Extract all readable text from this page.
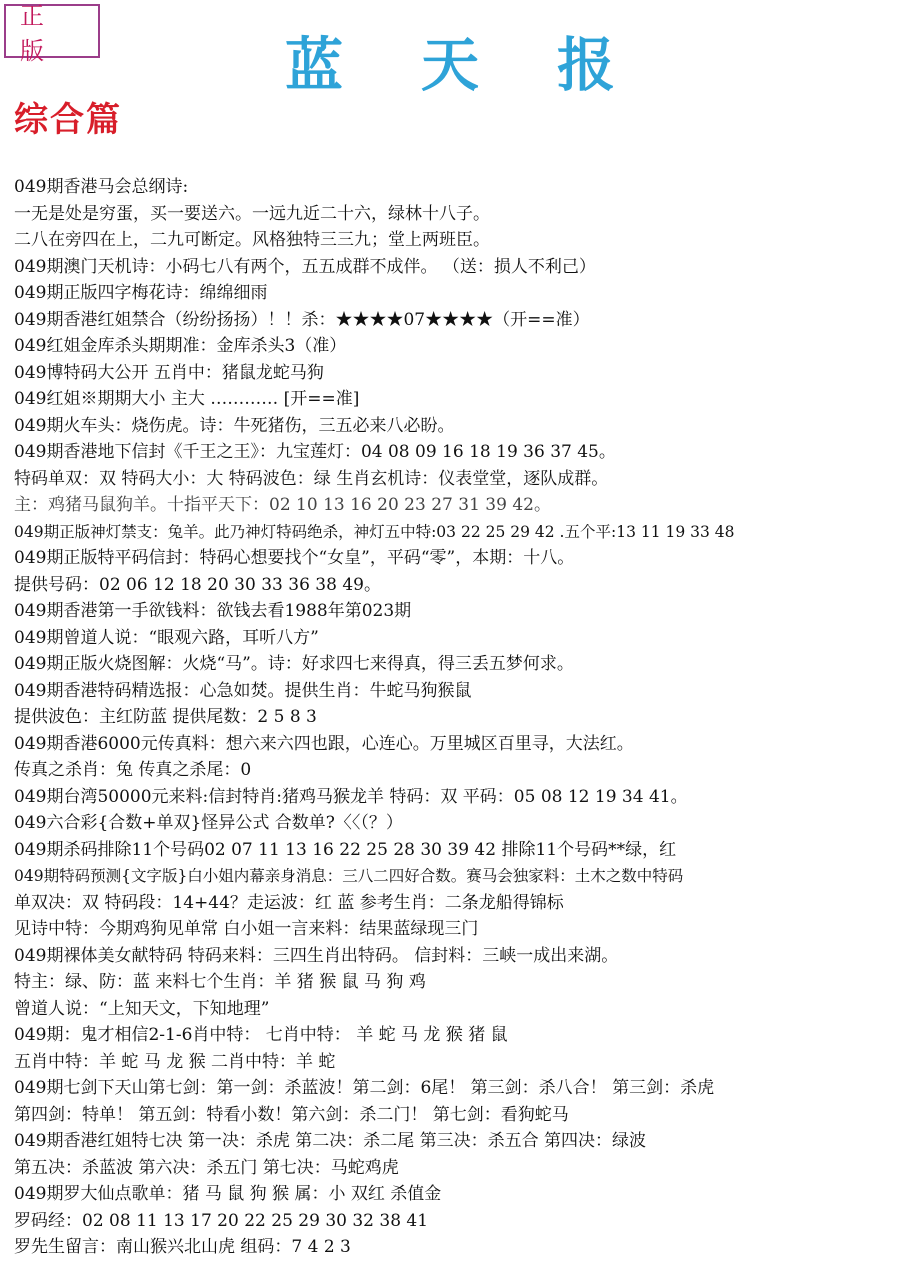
正 版	蓝天报
综合篇
049期香港马会总纲诗:
一无是处是穷蛋，买一要送六。一远九近二十六，绿林十八子。
二八在旁四在上，二九可断定。风格独特三三九；堂上两班臣。
049期澳门天机诗：小码七八有两个，五五成群不成伴。 （送：损人不利己）
049期正版四字梅花诗：绵绵细雨
049期香港红姐禁合（纷纷扬扬）！！杀：★★★★07★★★★（开==准）
049红姐金库杀头期期准：金库杀头3（准）
049博特码大公开 五肖中：猪鼠龙蛇马狗
049红姐※期期大小 主大 ………… [开==准]
049期火车头：烧伤虎。诗：牛死猪伤，三五必来八必盼。
049期香港地下信封《千王之王》：九宝莲灯：04 08 09 16 18 19 36 37 45。
特码单双：双 特码大小：大 特码波色：绿 生肖玄机诗：仪表堂堂，逐队成群。
主：鸡猪马鼠狗羊。十指平天下：02 10 13 16 20 23 27 31 39 42。
049期正版神灯禁支：兔羊。此乃神灯特码绝杀，神灯五中特:03 22 25 29 42 .五个平:13 11 19 33 48
049期正版特平码信封：特码心想要找个“女皇”，平码“零”，本期：十八。
提供号码：02 06 12 18 20 30 33 36 38 49。
049期香港第一手欲钱料：欲钱去看1988年第023期
049期曾道人说：“眼观六路，耳听八方”
049期正版火烧图解：火烧“马”。诗：好求四七来得真，得三丢五梦何求。
049期香港特码精选报：心急如焚。提供生肖：牛蛇马狗猴鼠
提供波色：主红防蓝 提供尾数：2 5 8 3
049期香港6000元传真料：想六来六四也跟，心连心。万里城区百里寻，大法红。
传真之杀肖：兔 传真之杀尾：0
049期台湾50000元来料:信封特肖:猪鸡马猴龙羊 特码：双 平码：05 08 12 19 34 41。
049六合彩{合数+单双}怪异公式 合数单?〈〈（？）
049期杀码排除11个号码02 07 11 13 16 22 25 28 30 39 42 排除11个号码**绿，红
049期特码预测{文字版}白小姐内幕亲身消息：三八二四好合数。赛马会独家料：土木之数中特码
单双决：双 特码段：14+44？走运波：红 蓝 参考生肖：二条龙船得锦标
见诗中特：今期鸡狗见单常 白小姐一言来料：结果蓝绿现三门
049期裸体美女献特码 特码来料：三四生肖出特码。 信封料：三峡一成出来湖。
特主：绿、防：蓝 来料七个生肖：羊 猪 猴 鼠 马 狗 鸡
曾道人说：“上知天文，下知地理”
049期：鬼才相信2-1-6肖中特： 七肖中特： 羊 蛇 马 龙 猴 猪 鼠
五肖中特：羊 蛇 马 龙 猴 二肖中特：羊 蛇
049期七剑下天山第七剑：第一剑：杀蓝波！第二剑：6尾！ 第三剑：杀八合！ 第三剑：杀虎
第四剑：特单！ 第五剑：特看小数！第六剑：杀二门！ 第七剑：看狗蛇马
049期香港红姐特七决 第一决：杀虎 第二决：杀二尾 第三决：杀五合 第四决：绿波
第五决：杀蓝波 第六决：杀五门 第七决：马蛇鸡虎
049期罗大仙点歌单：猪 马 鼠 狗 猴 属：小 双红 杀值金
罗码经：02 08 11 13 17 20 22 25 29 30 32 38 41
罗先生留言：南山猴兴北山虎 组码：7 4 2 3
